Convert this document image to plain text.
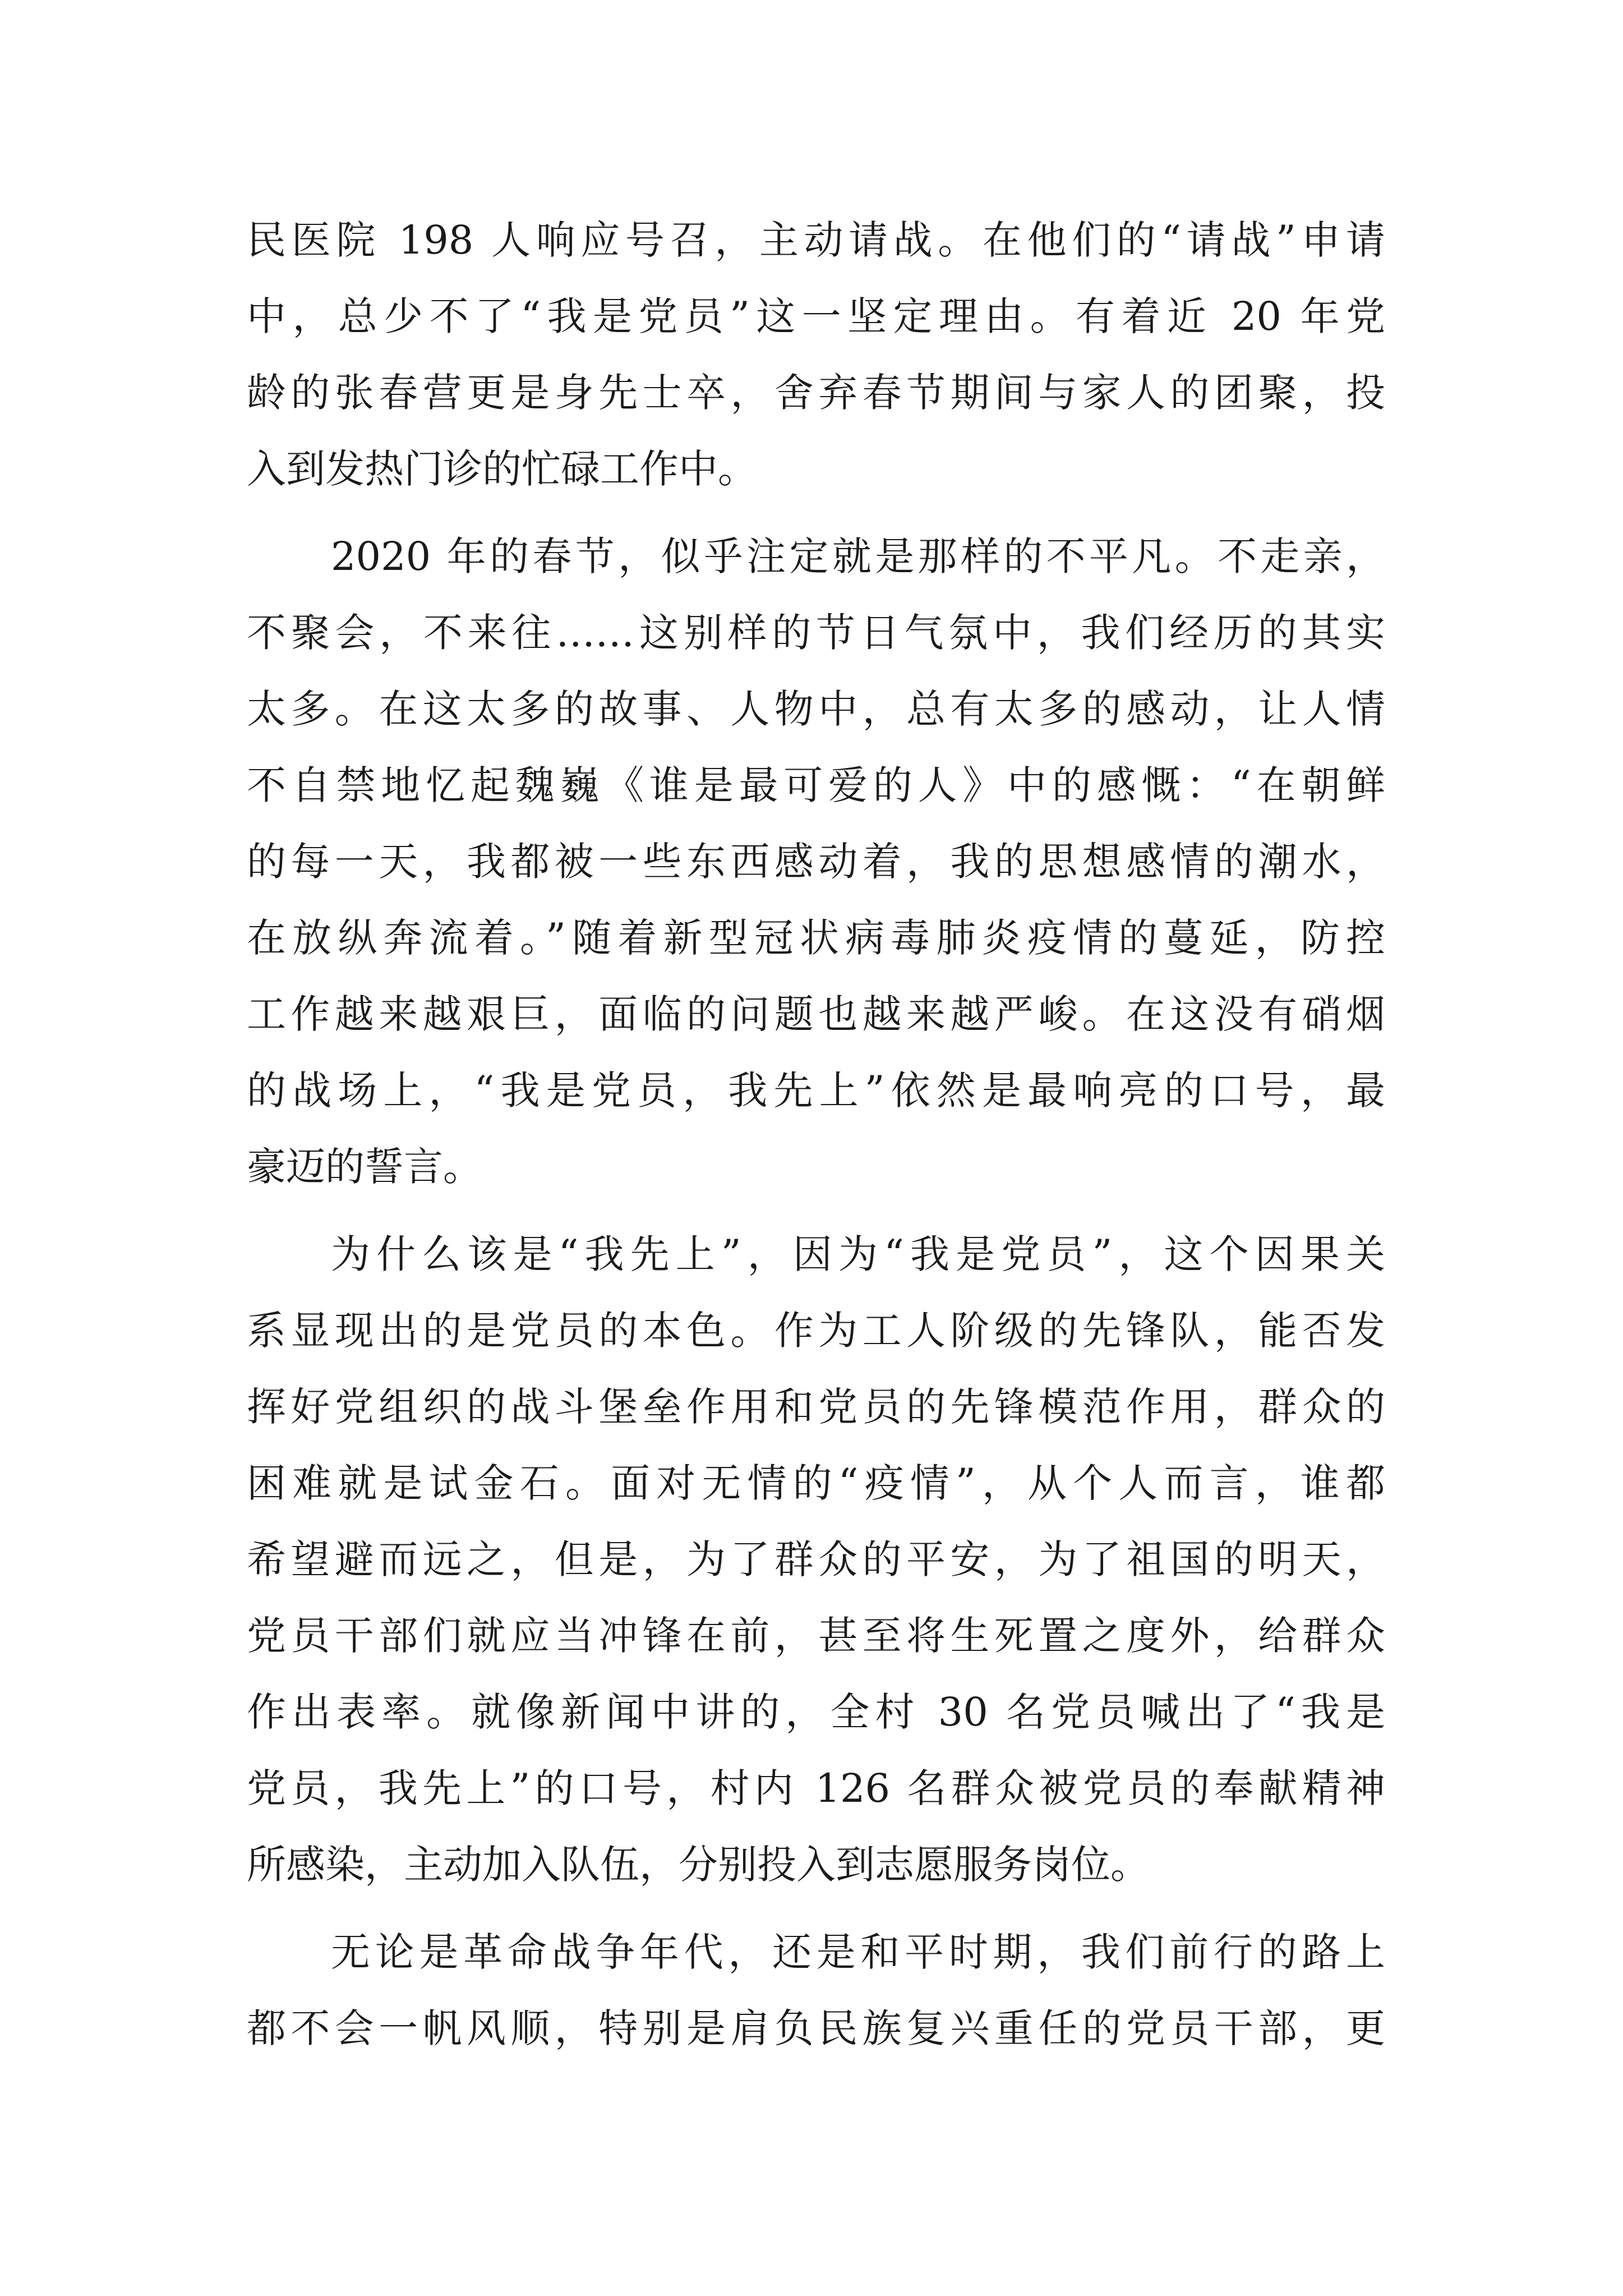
民医院 198 人响应号召，主动请战。在他们的“请战”申请
中，总少不了“我是党员”这一坚定理由。有着近 20 年党
龄的张春营更是身先士卒，舍弃春节期间与家人的团聚，投
入到发热门诊的忙碌工作中。
2020 年的春节，似乎注定就是那样的不平凡。不走亲，
不聚会，不来往……这别样的节日气氛中，我们经历的其实
太多。在这太多的故事、人物中，总有太多的感动，让人情
不自禁地忆起魏巍《谁是最可爱的人》中的感慨：“在朝鲜
的每一天，我都被一些东西感动着，我的思想感情的潮水，
在放纵奔流着。”随着新型冠状病毒肺炎疫情的蔓延，防控
工作越来越艰巨，面临的问题也越来越严峻。在这没有硝烟
的战场上，“我是党员，我先上”依然是最响亮的口号，最
豪迈的誓言。
为什么该是“我先上”，因为“我是党员”，这个因果关
系显现出的是党员的本色。作为工人阶级的先锋队，能否发
挥好党组织的战斗堡垒作用和党员的先锋模范作用，群众的
困难就是试金石。面对无情的“疫情”，从个人而言，谁都
希望避而远之，但是，为了群众的平安，为了祖国的明天，
党员干部们就应当冲锋在前，甚至将生死置之度外，给群众
作出表率。就像新闻中讲的，全村 30 名党员喊出了“我是
党员，我先上”的口号，村内 126 名群众被党员的奉献精神
所感染，主动加入队伍，分别投入到志愿服务岗位。
无论是革命战争年代，还是和平时期，我们前行的路上
都不会一帆风顺，特别是肩负民族复兴重任的党员干部，更
